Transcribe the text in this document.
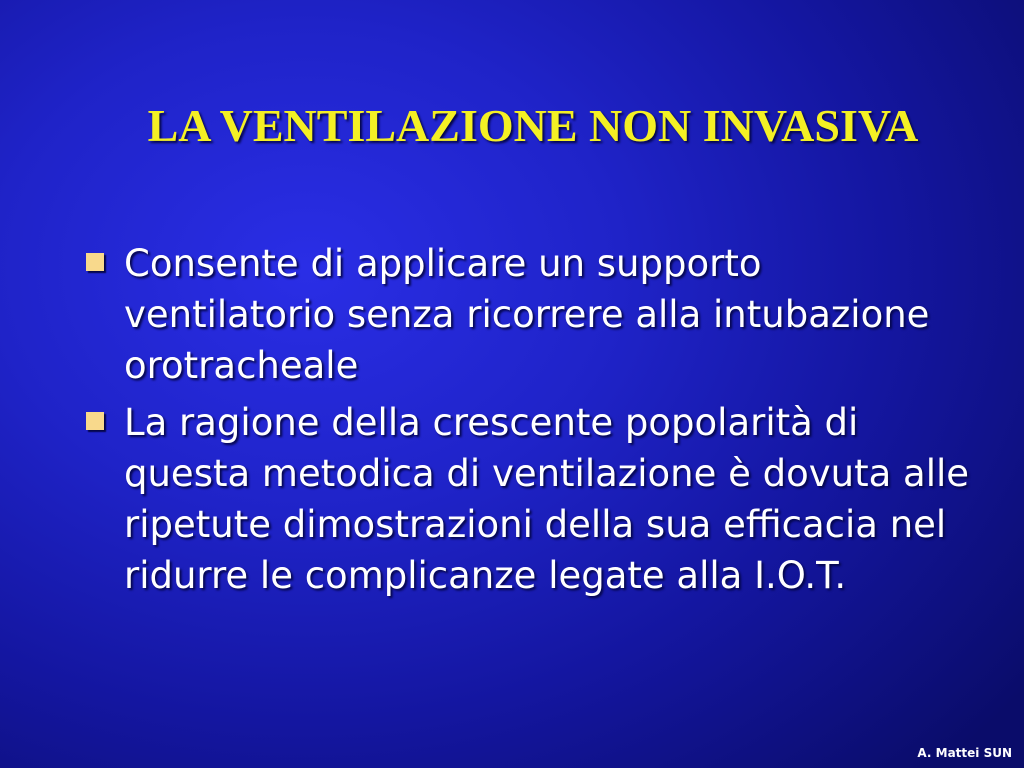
LA VENTILAZIONE NON INVASIVA
Consente di applicare un supporto ventilatorio senza ricorrere alla intubazione orotracheale
La ragione della crescente popolarità di questa metodica di ventilazione è dovuta alle ripetute dimostrazioni della sua efficacia nel ridurre le complicanze legate alla I.O.T.
A. Mattei SUN
